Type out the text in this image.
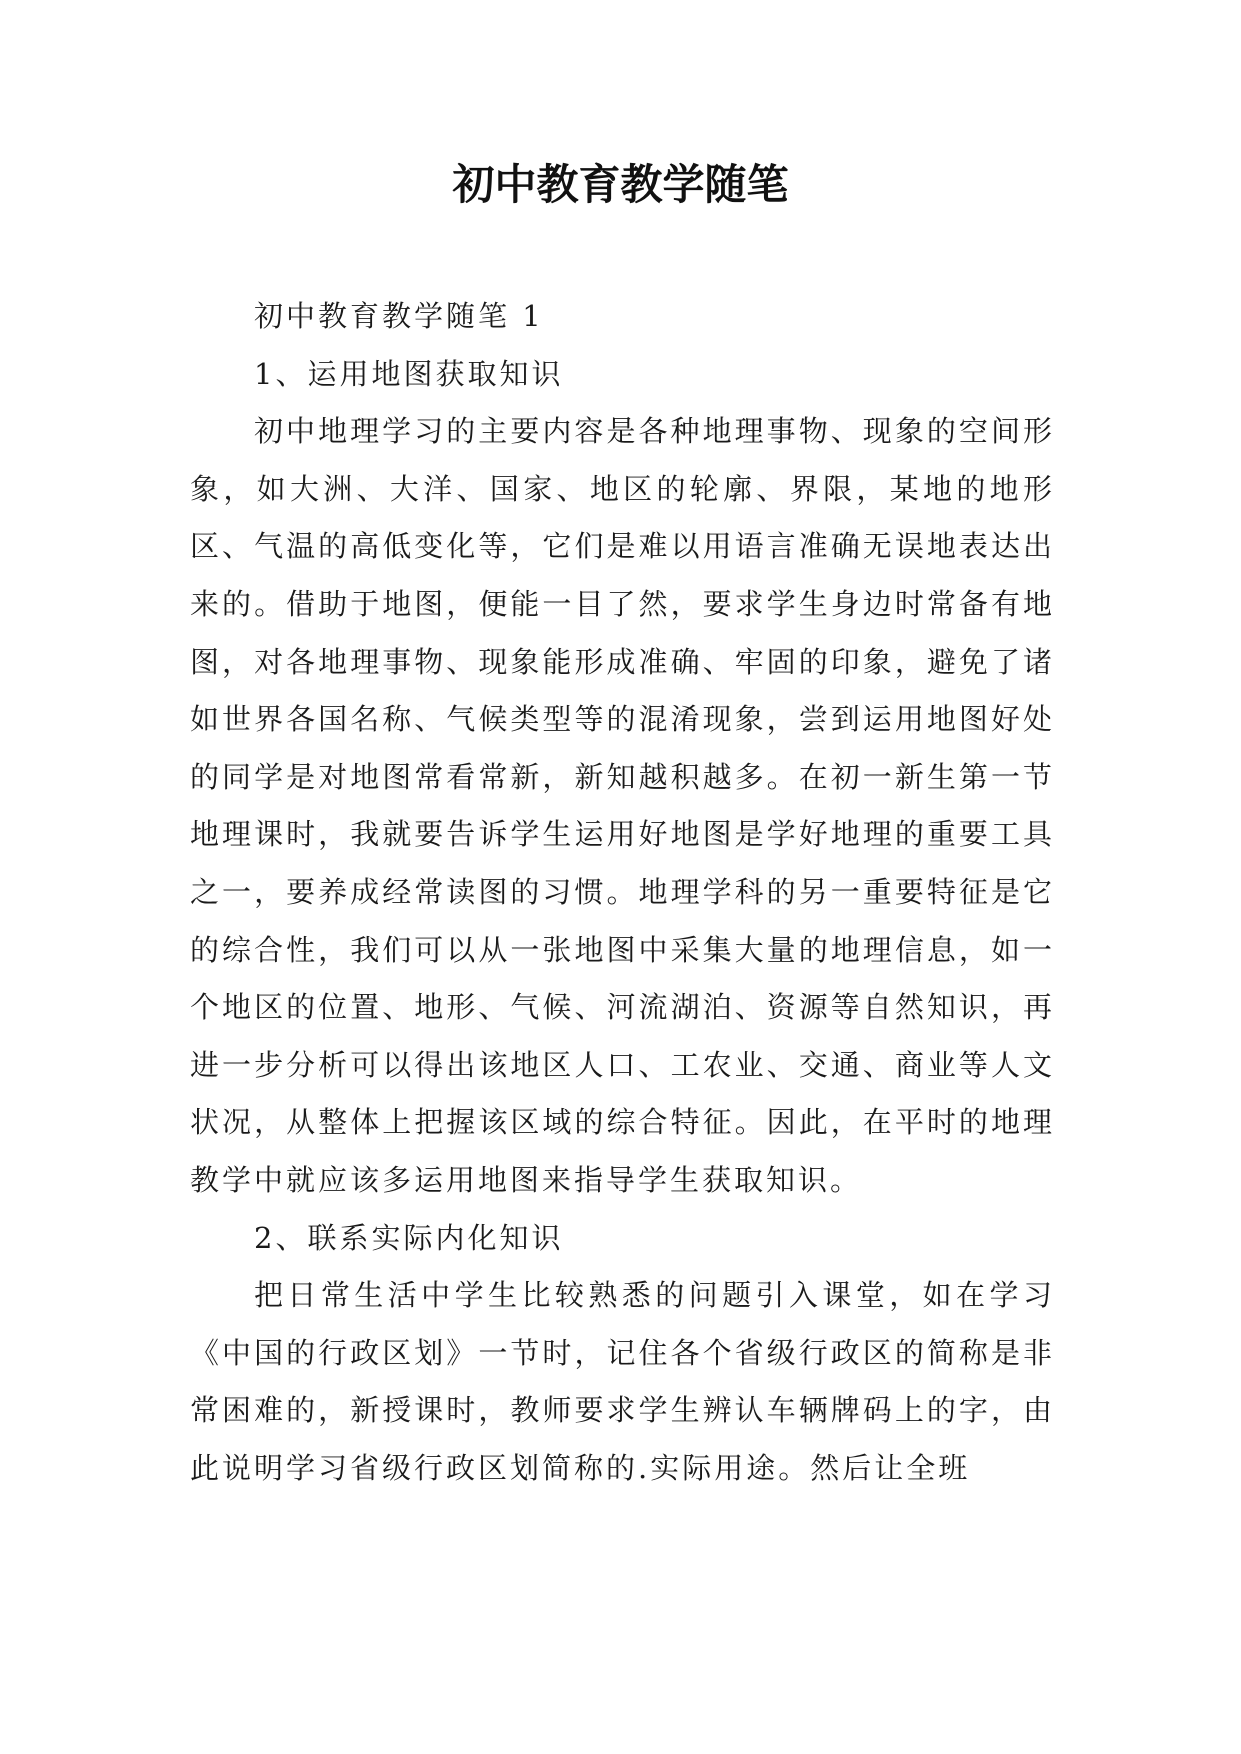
初中教育教学随笔

初中教育教学随笔 1

1、运用地图获取知识

初中地理学习的主要内容是各种地理事物、现象的空间形象，如大洲、大洋、国家、地区的轮廓、界限，某地的地形区、气温的高低变化等，它们是难以用语言准确无误地表达出来的。借助于地图，便能一目了然，要求学生身边时常备有地图，对各地理事物、现象能形成准确、牢固的印象，避免了诸如世界各国名称、气候类型等的混淆现象，尝到运用地图好处的同学是对地图常看常新，新知越积越多。在初一新生第一节地理课时，我就要告诉学生运用好地图是学好地理的重要工具之一，要养成经常读图的习惯。地理学科的另一重要特征是它的综合性，我们可以从一张地图中采集大量的地理信息，如一个地区的位置、地形、气候、河流湖泊、资源等自然知识，再进一步分析可以得出该地区人口、工农业、交通、商业等人文状况，从整体上把握该区域的综合特征。因此，在平时的地理教学中就应该多运用地图来指导学生获取知识。

2、联系实际内化知识

把日常生活中学生比较熟悉的问题引入课堂，如在学习《中国的行政区划》一节时，记住各个省级行政区的简称是非常困难的，新授课时，教师要求学生辨认车辆牌码上的字，由此说明学习省级行政区划简称的.实际用途。然后让全班
